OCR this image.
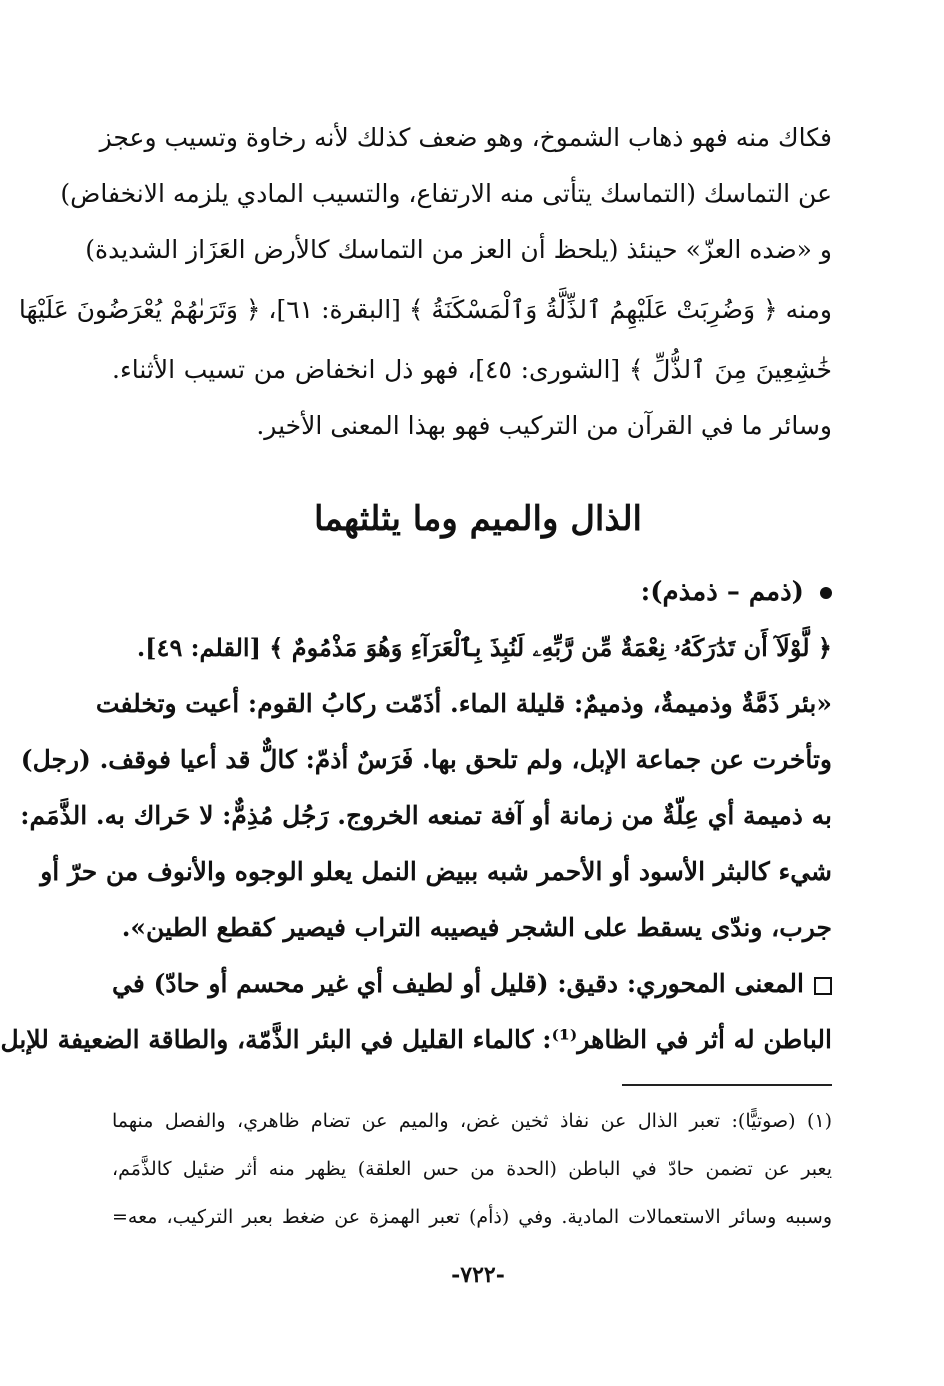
فكاك منه فهو ذهاب الشموخ، وهو ضعف كذلك لأنه رخاوة وتسيب وعجز
عن التماسك (التماسك يتأتى منه الارتفاع، والتسيب المادي يلزمه الانخفاض)
و «ضده العزّ» حينئذ (يلحظ أن العز من التماسك كالأرض العَزَاز الشديدة)
ومنه ﴿ وَضُرِبَتْ عَلَيْهِمُ ٱلذِّلَّةُ وَٱلْمَسْكَنَةُ ﴾ [البقرة: ٦١]، ﴿ وَتَرَىٰهُمْ يُعْرَضُونَ عَلَيْهَا
خَٰشِعِينَ مِنَ ٱلذُّلِّ ﴾ [الشورى: ٤٥]، فهو ذل انخفاض من تسيب الأثناء.
وسائر ما في القرآن من التركيب فهو بهذا المعنى الأخير.
الذال والميم وما يثلثهما
(ذمم – ذمذم):
﴿ لَّوْلَآ أَن تَدَٰرَكَهُۥ نِعْمَةٌ مِّن رَّبِّهِۦ لَنُبِذَ بِٱلْعَرَآءِ وَهُوَ مَذْمُومٌ ﴾ [القلم: ٤٩].
«بئر ذَمَّةٌ وذميمةٌ، وذميمٌ: قليلة الماء. أذَمّت ركابُ القوم: أعيت وتخلفت
وتأخرت عن جماعة الإبل، ولم تلحق بها. فَرَسٌ أذمّ: كالٌّ قد أعيا فوقف. (رجل)
به ذميمة أي عِلّةٌ من زمانة أو آفة تمنعه الخروج. رَجُل مُذِمٌّ: لا حَراك به. الذَّمَم:
شيء كالبثر الأسود أو الأحمر شبه ببيض النمل يعلو الوجوه والأنوف من حرّ أو
جرب، وندّى يسقط على الشجر فيصيبه التراب فيصير كقطع الطين».
المعنى المحوري: دقيق: (قليل أو لطيف أي غير محسم أو حادّ) في
الباطن له أثر في الظاهر⁽¹⁾: كالماء القليل في البئر الذَّمّة، والطاقة الضعيفة للإبل
(١) (صوتيًّا): تعبر الذال عن نفاذ ثخين غض، والميم عن تضام ظاهري، والفصل منهما
يعبر عن تضمن حادّ في الباطن (الحدة من حس العلقة) يظهر منه أثر ضئيل كالذَّمَم،
وسببه وسائر الاستعمالات المادية. وفي (ذأم) تعبر الهمزة عن ضغط بعبر التركيب، معه=
-٧٢٢-
